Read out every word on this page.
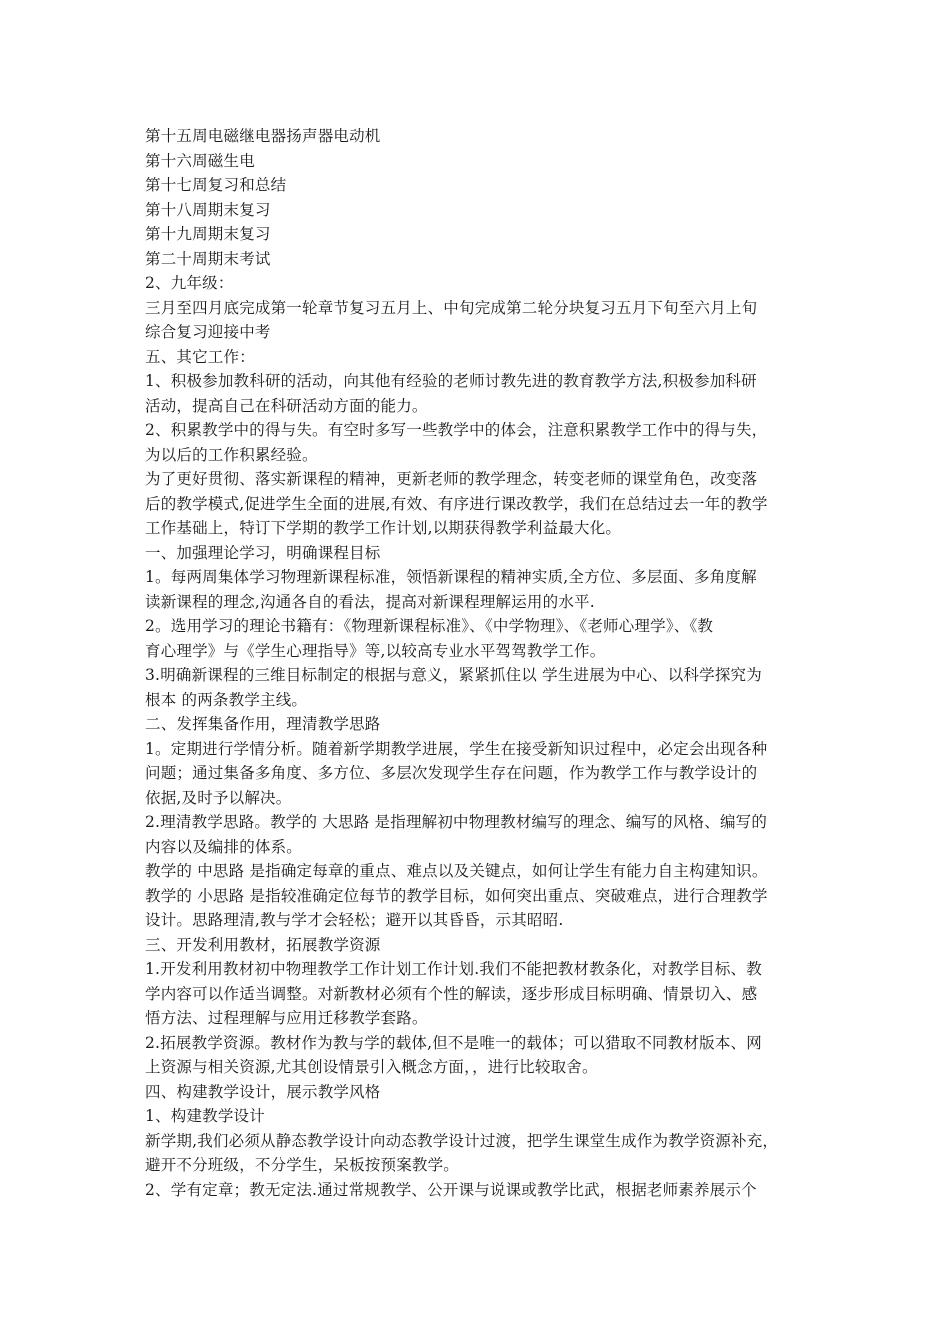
第十五周电磁继电器扬声器电动机
第十六周磁生电
第十七周复习和总结
第十八周期末复习
第十九周期末复习
第二十周期末考试
2、九年级：
三月至四月底完成第一轮章节复习五月上、中旬完成第二轮分块复习五月下旬至六月上旬
综合复习迎接中考
五、其它工作：
1、积极参加教科研的活动，向其他有经验的老师讨教先进的教育教学方法,积极参加科研
活动，提高自己在科研活动方面的能力。
2、积累教学中的得与失。有空时多写一些教学中的体会，注意积累教学工作中的得与失，
为以后的工作积累经验。
为了更好贯彻、落实新课程的精神，更新老师的教学理念，转变老师的课堂角色，改变落
后的教学模式,促进学生全面的进展,有效、有序进行课改教学，我们在总结过去一年的教学
工作基础上，特订下学期的教学工作计划,以期获得教学利益最大化。
一、加强理论学习，明确课程目标
1。每两周集体学习物理新课程标准，领悟新课程的精神实质,全方位、多层面、多角度解
读新课程的理念,沟通各自的看法，提高对新课程理解运用的水平.
2。选用学习的理论书籍有：《物理新课程标准》、《中学物理》、《老师心理学》、《教
育心理学》与《学生心理指导》等,以较高专业水平驾驾教学工作。
3.明确新课程的三维目标制定的根据与意义，紧紧抓住以 学生进展为中心、以科学探究为
根本 的两条教学主线。
二、发挥集备作用，理清教学思路
1。定期进行学情分析。随着新学期教学进展，学生在接受新知识过程中，必定会出现各种
问题；通过集备多角度、多方位、多层次发现学生存在问题，作为教学工作与教学设计的
依据,及时予以解决。
2.理清教学思路。教学的 大思路 是指理解初中物理教材编写的理念、编写的风格、编写的
内容以及编排的体系。
教学的 中思路 是指确定每章的重点、难点以及关键点，如何让学生有能力自主构建知识。
教学的 小思路 是指较准确定位每节的教学目标，如何突出重点、突破难点，进行合理教学
设计。思路理清,教与学才会轻松；避开以其昏昏，示其昭昭.
三、开发利用教材，拓展教学资源
1.开发利用教材初中物理教学工作计划工作计划.我们不能把教材教条化，对教学目标、教
学内容可以作适当调整。对新教材必须有个性的解读，逐步形成目标明确、情景切入、感
悟方法、过程理解与应用迁移教学套路。
2.拓展教学资源。教材作为教与学的载体,但不是唯一的载体；可以猎取不同教材版本、网
上资源与相关资源,尤其创设情景引入概念方面，，进行比较取舍。
四、构建教学设计，展示教学风格
1、构建教学设计
新学期,我们必须从静态教学设计向动态教学设计过渡，把学生课堂生成作为教学资源补充，
避开不分班级，不分学生，呆板按预案教学。
2、学有定章；教无定法.通过常规教学、公开课与说课或教学比武，根据老师素养展示个
